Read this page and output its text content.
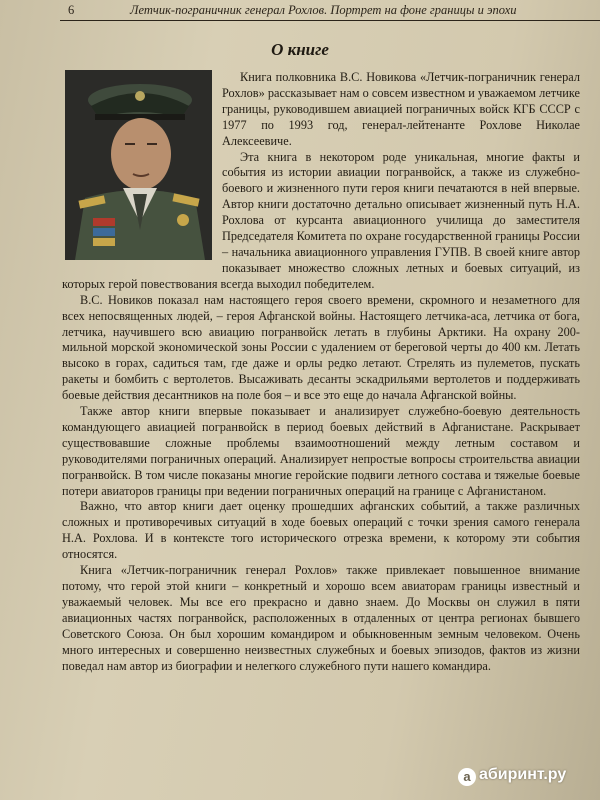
6	Летчик-пограничник генерал Рохлов. Портрет на фоне границы и эпохи
О книге

Книга полковника В.С. Новикова «Летчик-пограничник генерал Рохлов» рассказывает нам о совсем известном и уважаемом летчике границы, руководившем авиацией пограничных войск КГБ СССР с 1977 по 1993 год, генерал-лейтенанте Рохлове Николае Алексеевиче.

Эта книга в некотором роде уникальная, многие факты и события из истории авиации погранвойск, а также из служебно-боевого и жизненного пути героя книги печатаются в ней впервые. Автор книги достаточно детально описывает жизненный путь Н.А. Рохлова от курсанта авиационного училища до заместителя Председателя Комитета по охране государственной границы России – начальника авиационного управления ГУПВ. В своей книге автор показывает множество сложных летных и боевых ситуаций, из которых герой повествования всегда выходил победителем.

В.С. Новиков показал нам настоящего героя своего времени, скромного и незаметного для всех непосвященных людей, – героя Афганской войны. Настоящего летчика-аса, летчика от бога, летчика, научившего всю авиацию погранвойск летать в глубины Арктики. На охрану 200-мильной морской экономической зоны России с удалением от береговой черты до 400 км. Летать высоко в горах, садиться там, где даже и орлы редко летают. Стрелять из пулеметов, пускать ракеты и бомбить с вертолетов. Высаживать десанты эскадрильями вертолетов и поддерживать боевые действия десантников на поле боя – и все это еще до начала Афганской войны.

Также автор книги впервые показывает и анализирует служебно-боевую деятельность командующего авиацией погранвойск в период боевых действий в Афганистане. Раскрывает существовавшие сложные проблемы взаимоотношений между летным составом и руководителями пограничных операций. Анализирует непростые вопросы строительства авиации погранвойск. В том числе показаны многие геройские подвиги летного состава и тяжелые боевые потери авиаторов границы при ведении пограничных операций на границе с Афганистаном.

Важно, что автор книги дает оценку прошедших афганских событий, а также различных сложных и противоречивых ситуаций в ходе боевых операций с точки зрения самого генерала Н.А. Рохлова. И в контексте того исторического отрезка времени, к которому эти события относятся.

Книга «Летчик-пограничник генерал Рохлов» также привлекает повышенное внимание потому, что герой этой книги – конкретный и хорошо всем авиаторам границы известный и уважаемый человек. Мы все его прекрасно и давно знаем. До Москвы он служил в пяти авиационных частях погранвойск, расположенных в отдаленных от центра регионах бывшего Советского Союза. Он был хорошим командиром и обыкновенным земным человеком. Очень много интересных и совершенно неизвестных служебных и боевых эпизодов, фактов из жизни поведал нам автор из биографии и нелегкого служебного пути нашего командира.

а абиринт.ру
